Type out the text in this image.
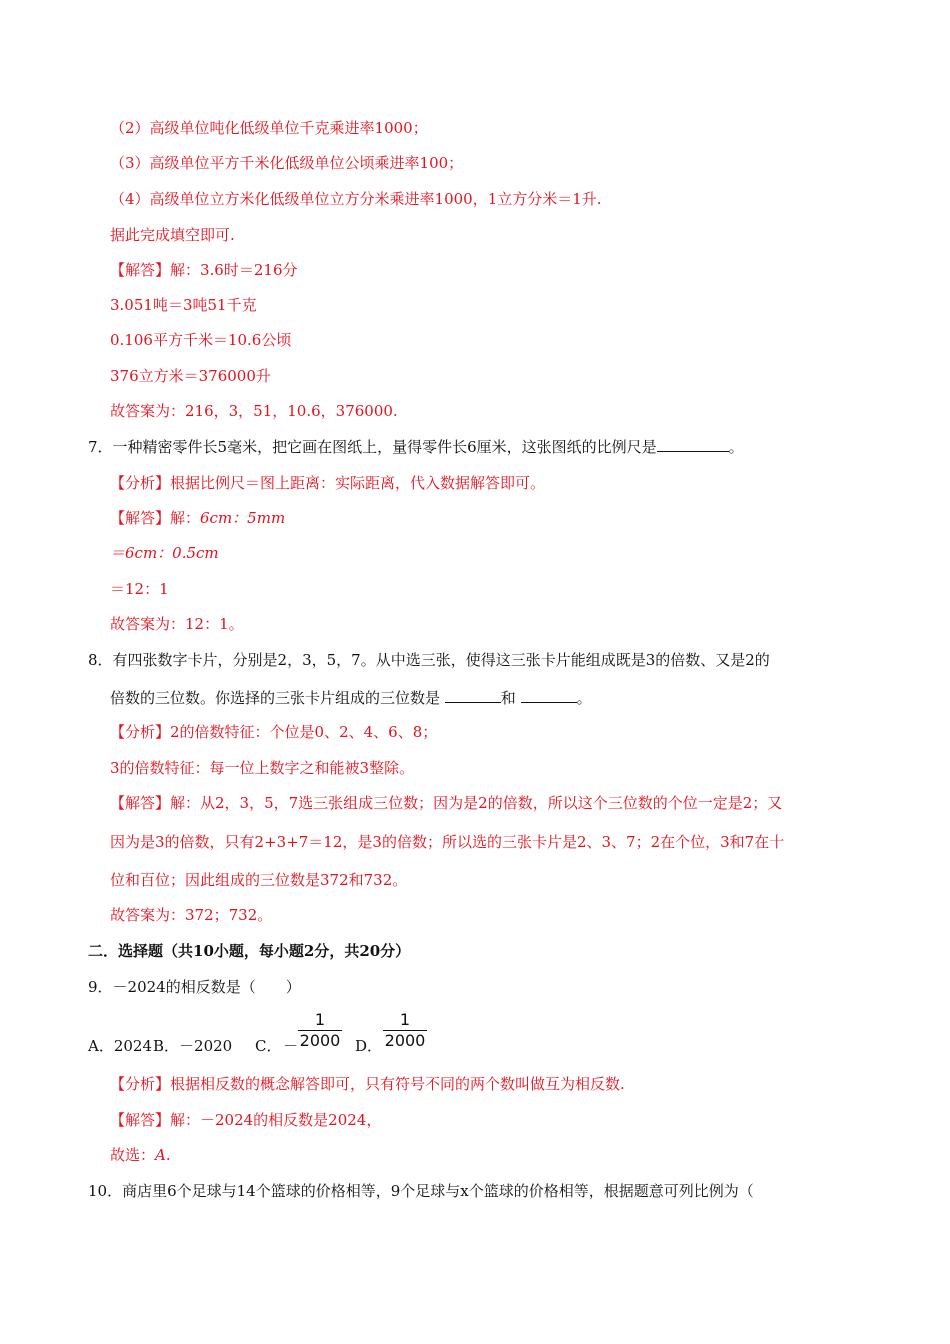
（2）高级单位吨化低级单位千克乘进率1000；
（3）高级单位平方千米化低级单位公顷乘进率100；
（4）高级单位立方米化低级单位立方分米乘进率1000，1立方分米＝1升.
据此完成填空即可.
【解答】解：3.6时＝216分
3.051吨＝3吨51千克
0.106平方千米＝10.6公顷
376立方米＝376000升
故答案为：216，3，51，10.6，376000.
7．一种精密零件长5毫米，把它画在图纸上，量得零件长6厘米，这张图纸的比例尺是	。
【分析】根据比例尺＝图上距离：实际距离，代入数据解答即可。
【解答】解：6cm：5mm
＝6cm：0.5cm
＝12：1
故答案为：12：1。
8．有四张数字卡片，分别是2，3，5，7。从中选三张，使得这三张卡片能组成既是3的倍数、又是2的
倍数的三位数。你选择的三张卡片组成的三位数是	和	。
【分析】2的倍数特征：个位是0、2、4、6、8；
3的倍数特征：每一位上数字之和能被3整除。
【解答】解：从2，3，5，7选三张组成三位数；因为是2的倍数，所以这个三位数的个位一定是2；又
因为是3的倍数，只有2+3+7＝12，是3的倍数；所以选的三张卡片是2、3、7；2在个位，3和7在十
位和百位；因此组成的三位数是372和732。
故答案为：372；732。
二．选择题（共10小题，每小题2分，共20分）
9．－2024的相反数是（　　）
A．2024 B．－2020 C． －
1
2000 D．
1
2000
【分析】根据相反数的概念解答即可，只有符号不同的两个数叫做互为相反数.
【解答】解：－2024的相反数是2024，
故选：A.
10．商店里6个足球与14个篮球的价格相等，9个足球与x个篮球的价格相等，根据题意可列比例为（
